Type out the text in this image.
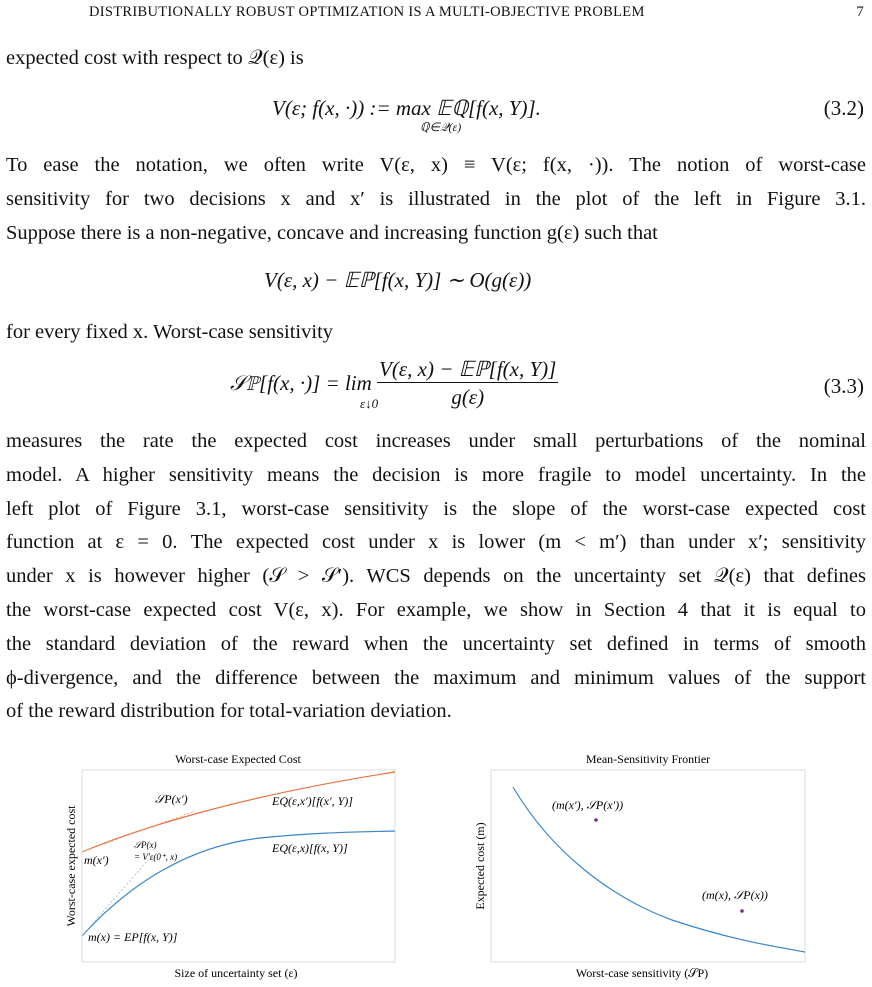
DISTRIBUTIONALLY ROBUST OPTIMIZATION IS A MULTI-OBJECTIVE PROBLEM	7
expected cost with respect to 𝒬(ε) is
V(ε; f(x, ·)) := max 𝔼ℚ[f(x, Y)].
ℚ∈𝒬(ε)
(3.2)
To ease the notation, we often write V(ε, x) ≡ V(ε; f(x, ·)). The notion of worst-case
sensitivity for two decisions x and x′ is illustrated in the plot of the left in Figure 3.1.
Suppose there is a non-negative, concave and increasing function g(ε) such that
V(ε, x) − 𝔼ℙ[f(x, Y)] ∼ O(g(ε))
for every fixed x. Worst-case sensitivity
𝒮ℙ[f(x, ·)] = $\lim \frac{\text{V(ε, x) − 𝔼ℙ[f(x, Y)]}}{g(\varepsilon)}$
ε↓0
(3.3)
measures the rate the expected cost increases under small perturbations of the nominal
model. A higher sensitivity means the decision is more fragile to model uncertainty. In the
left plot of Figure 3.1, worst-case sensitivity is the slope of the worst-case expected cost
function at ε = 0. The expected cost under x is lower (m < m′) than under x′; sensitivity
under x is however higher (𝒮 > 𝒮′). WCS depends on the uncertainty set 𝒬(ε) that defines
the worst-case expected cost V(ε, x). For example, we show in Section 4 that it is equal to
the standard deviation of the reward when the uncertainty set defined in terms of smooth
ϕ-divergence, and the difference between the maximum and minimum values of the support
of the reward distribution for total-variation deviation.
Worst-case Expected Cost
𝒮P(x′)	EQ(ε,x′)[f(x′, Y)]
m(x′)
𝒮P(x)
= V′ε(0⁺, x)
EQ(ε,x)[f(x, Y)]
m(x) = EP[f(x, Y)]
Size of uncertainty set (ε)
Worst-case expected cost
Mean-Sensitivity Frontier
(m(x′), 𝒮P(x′))
(m(x), 𝒮P(x))
Worst-case sensitivity (𝒮P)
Expected cost (m)
